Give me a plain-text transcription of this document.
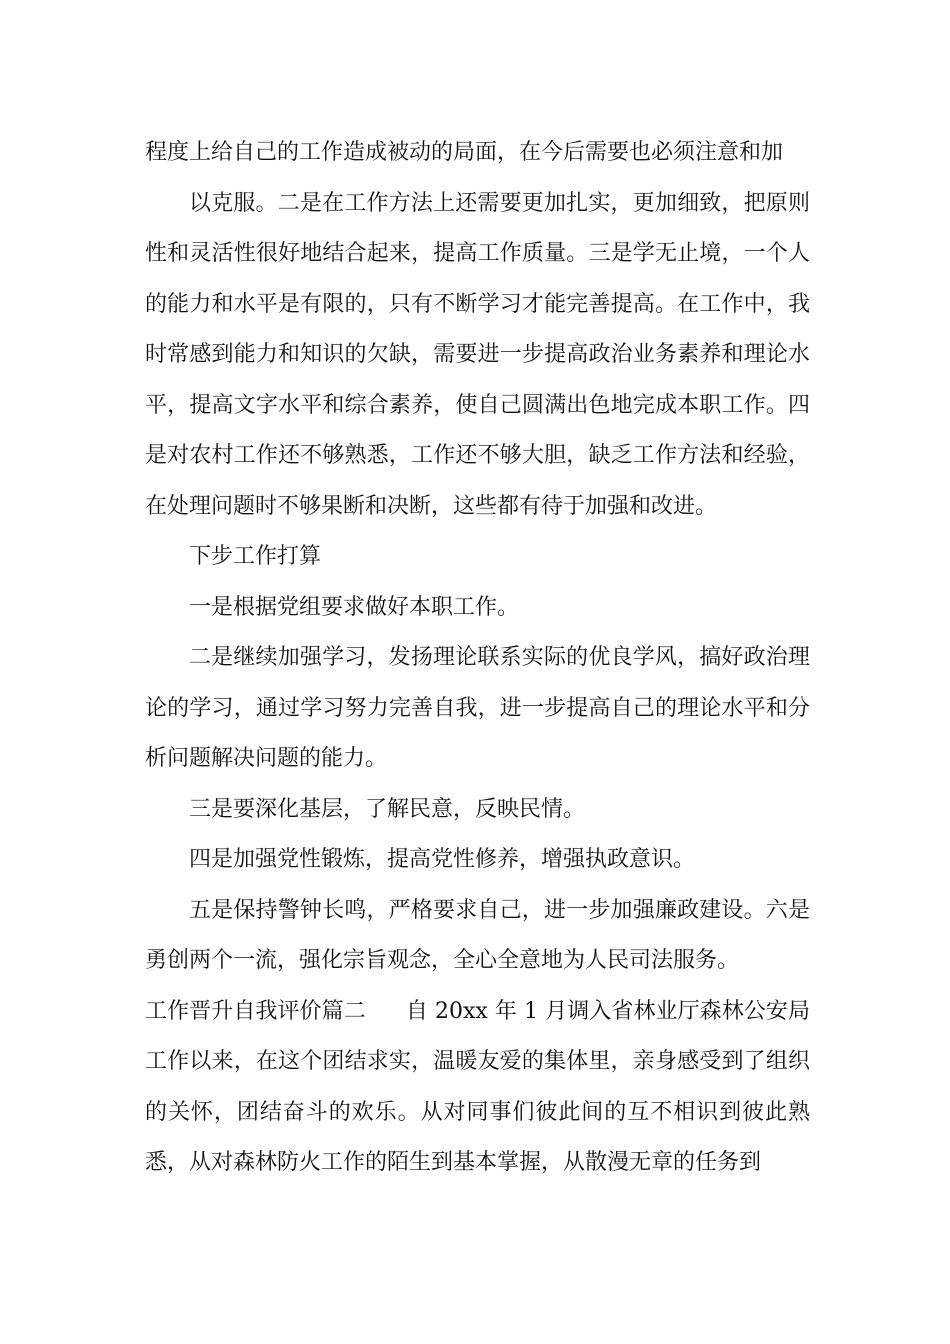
程度上给自己的工作造成被动的局面，在今后需要也必须注意和加

以克服。二是在工作方法上还需要更加扎实，更加细致，把原则性和灵活性很好地结合起来，提高工作质量。三是学无止境，一个人的能力和水平是有限的，只有不断学习才能完善提高。在工作中，我时常感到能力和知识的欠缺，需要进一步提高政治业务素养和理论水平，提高文字水平和综合素养，使自己圆满出色地完成本职工作。四是对农村工作还不够熟悉，工作还不够大胆，缺乏工作方法和经验，在处理问题时不够果断和决断，这些都有待于加强和改进。

下步工作打算

一是根据党组要求做好本职工作。

二是继续加强学习，发扬理论联系实际的优良学风，搞好政治理论的学习，通过学习努力完善自我，进一步提高自己的理论水平和分析问题解决问题的能力。

三是要深化基层，了解民意，反映民情。

四是加强党性锻炼，提高党性修养，增强执政意识。

五是保持警钟长鸣，严格要求自己，进一步加强廉政建设。六是勇创两个一流，强化宗旨观念，全心全意地为人民司法服务。

工作晋升自我评价篇二 自 20xx 年 1 月调入省林业厅森林公安局工作以来，在这个团结求实，温暖友爱的集体里，亲身感受到了组织的关怀，团结奋斗的欢乐。从对同事们彼此间的互不相识到彼此熟悉，从对森林防火工作的陌生到基本掌握，从散漫无章的任务到
